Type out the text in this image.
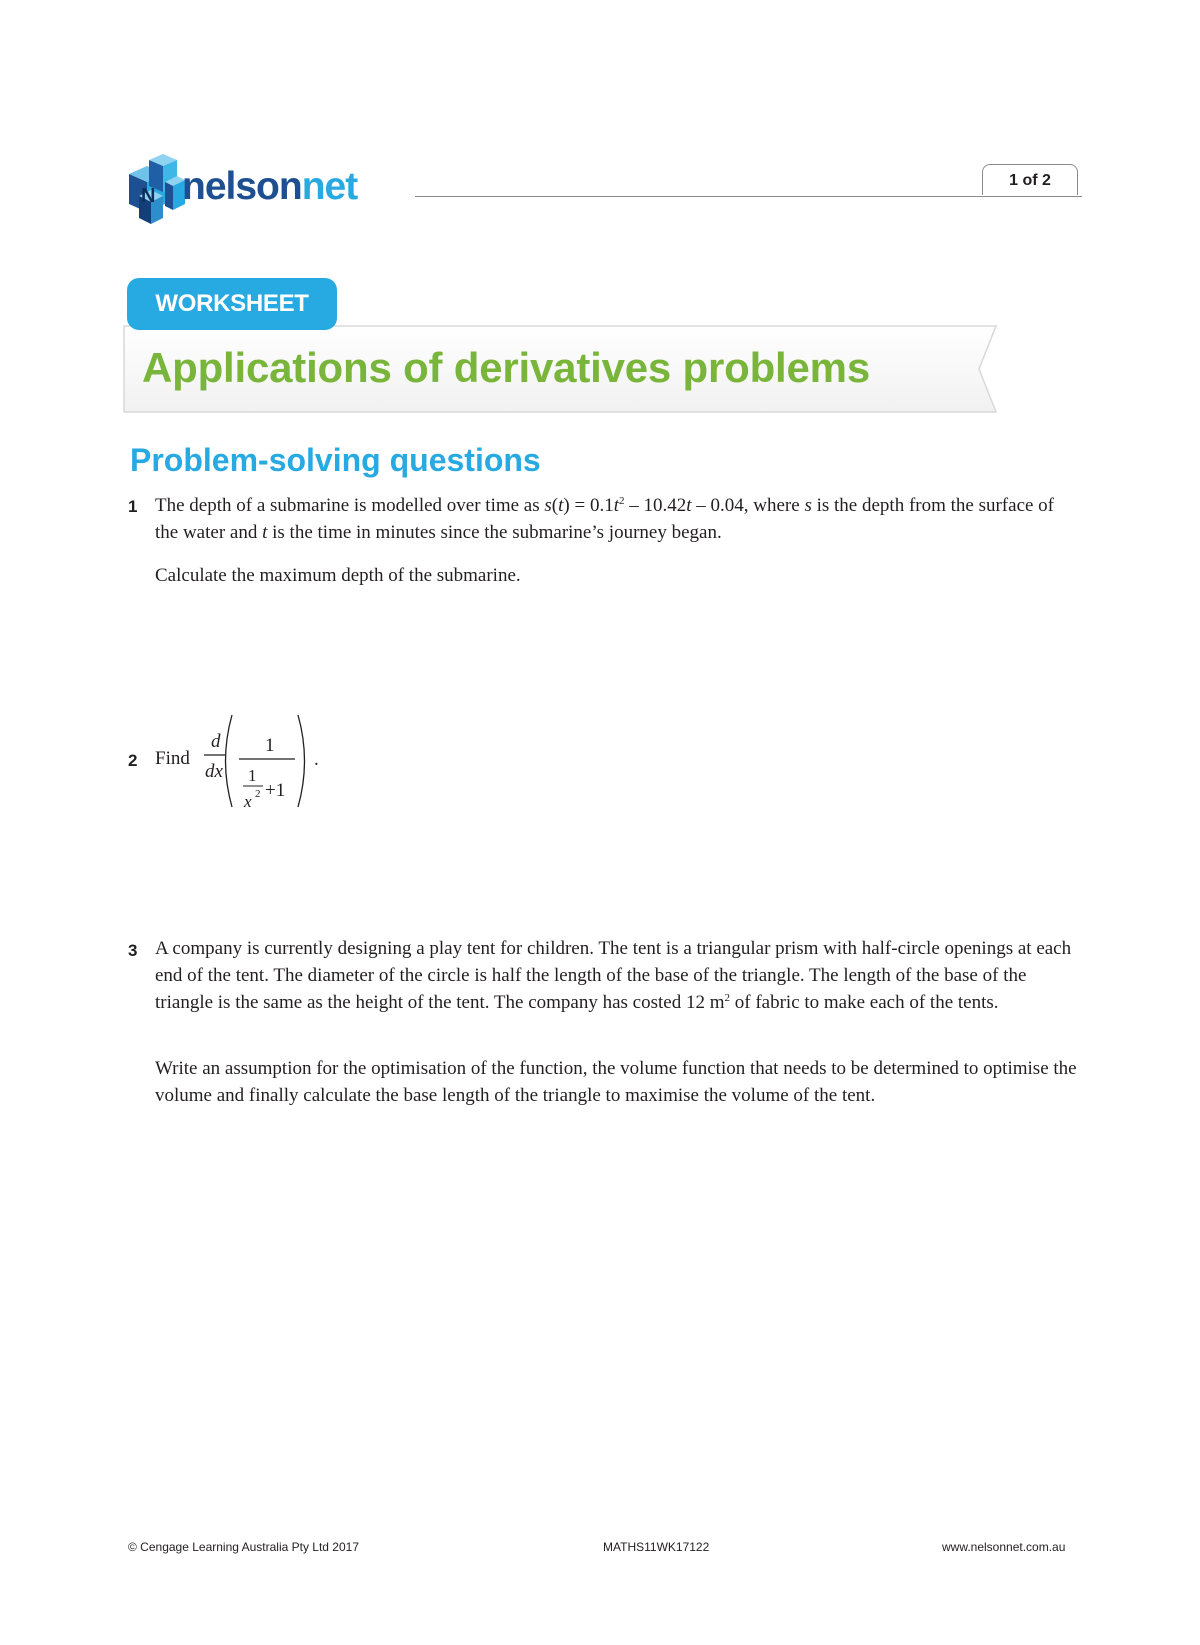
N nelsonnet	1 of 2
WORKSHEET
Applications of derivatives problems
Problem-solving questions
1 The depth of a submarine is modelled over time as $s(t) = 0.1t^2 - 10.42t - 0.04$, where s is the depth from the surface of the water and t is the time in minutes since the submarine’s journey began.
Calculate the maximum depth of the submarine.
2 Find
d
dx
1
1
x 2 +1
.
3 A company is currently designing a play tent for children. The tent is a triangular prism with half-circle openings at each end of the tent. The diameter of the circle is half the length of the base of the triangle. The length of the base of the triangle is the same as the height of the tent. The company has costed 12 $m^2$ of fabric to make each of the tents.
Write an assumption for the optimisation of the function, the volume function that needs to be determined to optimise the volume and finally calculate the base length of the triangle to maximise the volume of the tent.
© Cengage Learning Australia Pty Ltd 2017	MATHS11WK17122	www.nelsonnet.com.au
